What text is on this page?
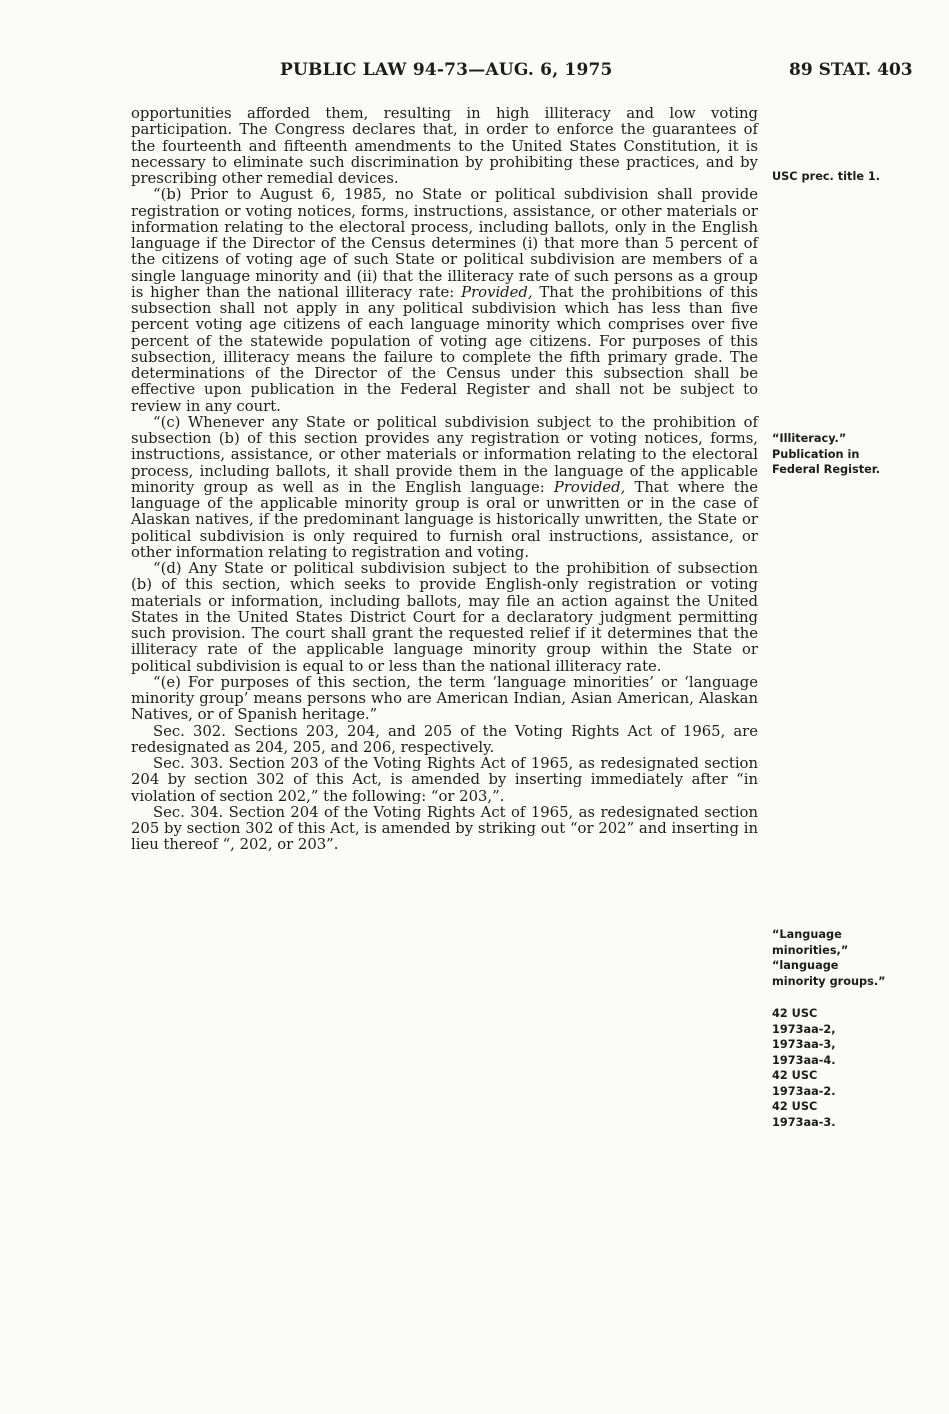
PUBLIC LAW 94-73—AUG. 6, 1975	89 STAT. 403

opportunities afforded them, resulting in high illiteracy and low voting participation. The Congress declares that, in order to enforce the guarantees of the fourteenth and fifteenth amendments to the United States Constitution, it is necessary to eliminate such discrimination by prohibiting these practices, and by prescribing other remedial devices.

“(b) Prior to August 6, 1985, no State or political subdivision shall provide registration or voting notices, forms, instructions, assistance, or other materials or information relating to the electoral process, including ballots, only in the English language if the Director of the Census determines (i) that more than 5 percent of the citizens of voting age of such State or political subdivision are members of a single language minority and (ii) that the illiteracy rate of such persons as a group is higher than the national illiteracy rate: Provided, That the prohibitions of this subsection shall not apply in any political subdivision which has less than five percent voting age citizens of each language minority which comprises over five percent of the statewide population of voting age citizens. For purposes of this subsection, illiteracy means the failure to complete the fifth primary grade. The determinations of the Director of the Census under this subsection shall be effective upon publication in the Federal Register and shall not be subject to review in any court.

“(c) Whenever any State or political subdivision subject to the prohibition of subsection (b) of this section provides any registration or voting notices, forms, instructions, assistance, or other materials or information relating to the electoral process, including ballots, it shall provide them in the language of the applicable minority group as well as in the English language: Provided, That where the language of the applicable minority group is oral or unwritten or in the case of Alaskan natives, if the predominant language is historically unwritten, the State or political subdivision is only required to furnish oral instructions, assistance, or other information relating to registration and voting.

“(d) Any State or political subdivision subject to the prohibition of subsection (b) of this section, which seeks to provide English-only registration or voting materials or information, including ballots, may file an action against the United States in the United States District Court for a declaratory judgment permitting such provision. The court shall grant the requested relief if it determines that the illiteracy rate of the applicable language minority group within the State or political subdivision is equal to or less than the national illiteracy rate.

“(e) For purposes of this section, the term ‘language minorities’ or ‘language minority group’ means persons who are American Indian, Asian American, Alaskan Natives, or of Spanish heritage.”

Sec. 302. Sections 203, 204, and 205 of the Voting Rights Act of 1965, are redesignated as 204, 205, and 206, respectively.

Sec. 303. Section 203 of the Voting Rights Act of 1965, as redesignated section 204 by section 302 of this Act, is amended by inserting immediately after “in violation of section 202,” the following: “or 203,”.

Sec. 304. Section 204 of the Voting Rights Act of 1965, as redesignated section 205 by section 302 of this Act, is amended by striking out “or 202” and inserting in lieu thereof “, 202, or 203”.

USC prec. title 1.
“Illiteracy.”
Publication in
Federal Register.
“Language
minorities,”
“language
minority groups.”
42 USC
1973aa-2,
1973aa-3,
1973aa-4.
42 USC
1973aa-2.
42 USC
1973aa-3.
